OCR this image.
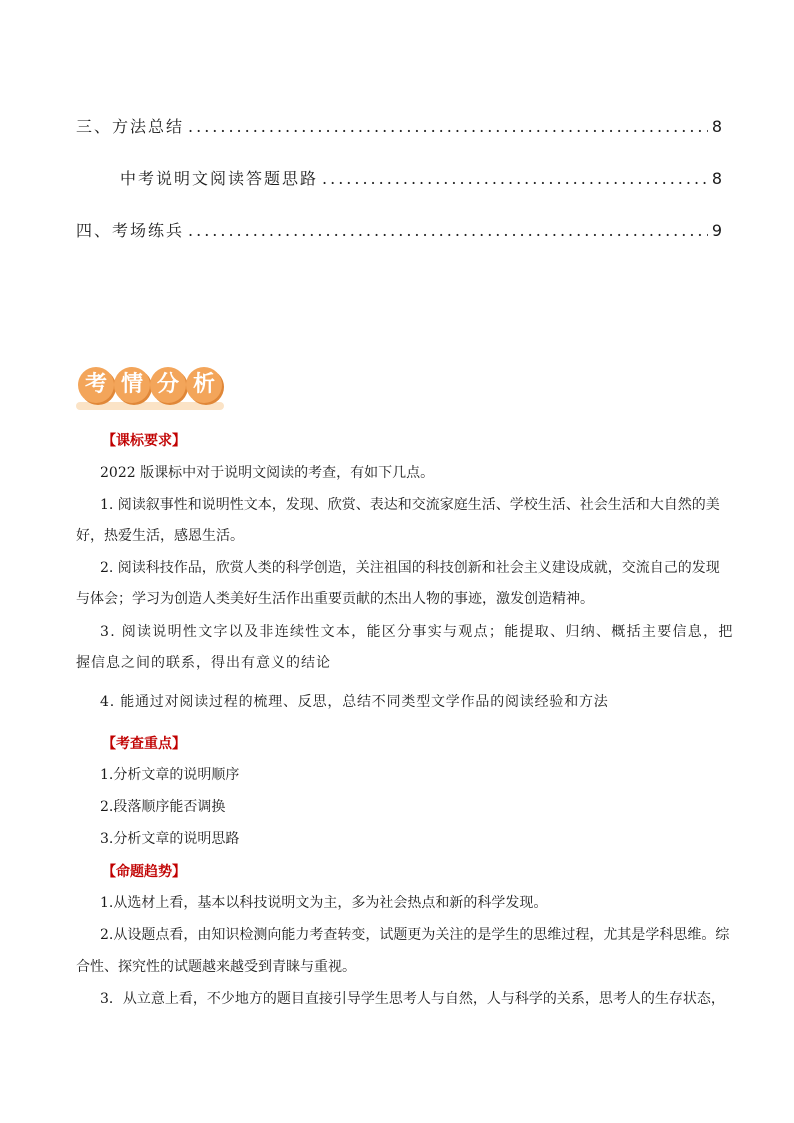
三、方法总结 .....	8
中考说明文阅读答题思路 .....	8
四、考场练兵 .....	9
考 情 分 析
【课标要求】
2022 版课标中对于说明文阅读的考查，有如下几点。
1. 阅读叙事性和说明性文本，发现、欣赏、表达和交流家庭生活、学校生活、社会生活和大自然的美
好，热爱生活，感恩生活。
2. 阅读科技作品，欣赏人类的科学创造，关注祖国的科技创新和社会主义建设成就，交流自己的发现
与体会；学习为创造人类美好生活作出重要贡献的杰出人物的事迹，激发创造精神。
3. 阅读说明性文字以及非连续性文本，能区分事实与观点；能提取、归纳、概括主要信息，把
握信息之间的联系，得出有意义的结论
4. 能通过对阅读过程的梳理、反思，总结不同类型文学作品的阅读经验和方法
【考查重点】
1.分析文章的说明顺序
2.段落顺序能否调换
3.分析文章的说明思路
【命题趋势】
1.从选材上看，基本以科技说明文为主，多为社会热点和新的科学发现。
2.从设题点看，由知识检测向能力考查转变，试题更为关注的是学生的思维过程，尤其是学科思维。综
合性、探究性的试题越来越受到青睐与重视。
3．从立意上看，不少地方的题目直接引导学生思考人与自然，人与科学的关系，思考人的生存状态，
